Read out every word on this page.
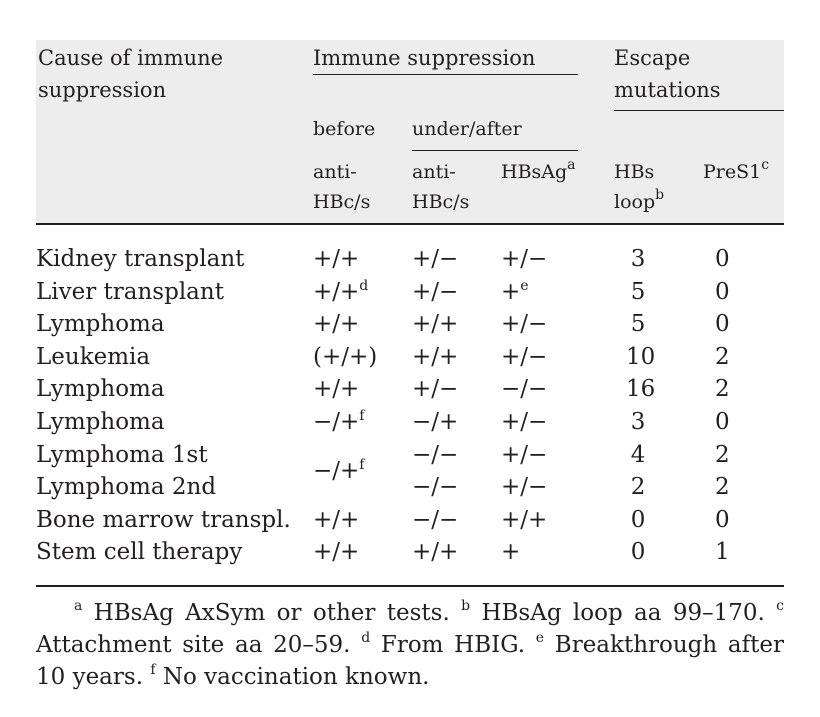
Cause of immune suppression	Immune suppression			Escape mutations	

	before	under/after			

	anti-HBc/s	anti-HBc/s	HBsAg$^a$	HBs loop$^b$	PreS1$^c$

Kidney transplant	+/+	+/−	+/−	3	0

Liver transplant	+/+$^d$	+/−	+$^e$	5	0

Lymphoma	+/+	+/+	+/−	5	0

Leukemia	(+/+)	+/+	+/−	10	2

Lymphoma	+/+	+/−	−/−	16	2

Lymphoma	−/+$^f$	−/+	+/−	3	0

Lymphoma 1st	−/+$^f$	−/−	+/−	4	2

Lymphoma 2nd		−/−	+/−	2	2

Bone marrow transpl.	+/+	−/−	+/+	0	0

Stem cell therapy	+/+	+/+	+	0	1

$^a$ HBsAg AxSym or other tests. $^b$ HBsAg loop aa 99–170. $^c$ Attachment site aa 20–59. $^d$ From HBIG. $^e$ Breakthrough after 10 years. $^f$ No vaccination known.
